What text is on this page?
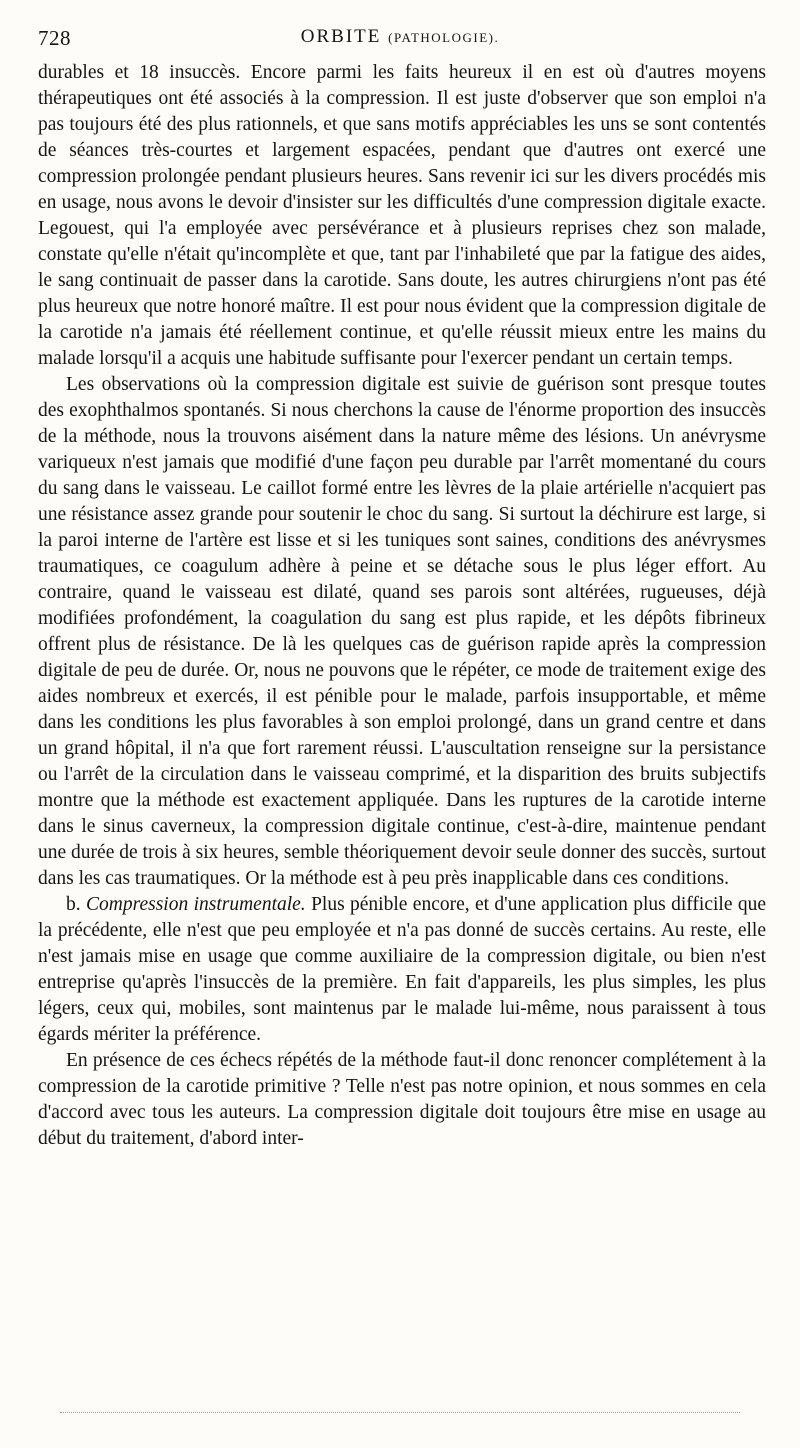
728	ORBITE (PATHOLOGIE).

durables et 18 insuccès. Encore parmi les faits heureux il en est où d'autres moyens thérapeutiques ont été associés à la compression. Il est juste d'observer que son emploi n'a pas toujours été des plus rationnels, et que sans motifs appréciables les uns se sont contentés de séances très-courtes et largement espacées, pendant que d'autres ont exercé une compression prolongée pendant plusieurs heures. Sans revenir ici sur les divers procédés mis en usage, nous avons le devoir d'insister sur les difficultés d'une compression digitale exacte. Legouest, qui l'a employée avec persévérance et à plusieurs reprises chez son malade, constate qu'elle n'était qu'incomplète et que, tant par l'inhabileté que par la fatigue des aides, le sang continuait de passer dans la carotide. Sans doute, les autres chirurgiens n'ont pas été plus heureux que notre honoré maître. Il est pour nous évident que la compression digitale de la carotide n'a jamais été réellement continue, et qu'elle réussit mieux entre les mains du malade lorsqu'il a acquis une habitude suffisante pour l'exercer pendant un certain temps.

Les observations où la compression digitale est suivie de guérison sont presque toutes des exophthalmos spontanés. Si nous cherchons la cause de l'énorme proportion des insuccès de la méthode, nous la trouvons aisément dans la nature même des lésions. Un anévrysme variqueux n'est jamais que modifié d'une façon peu durable par l'arrêt momentané du cours du sang dans le vaisseau. Le caillot formé entre les lèvres de la plaie artérielle n'acquiert pas une résistance assez grande pour soutenir le choc du sang. Si surtout la déchirure est large, si la paroi interne de l'artère est lisse et si les tuniques sont saines, conditions des anévrysmes traumatiques, ce coagulum adhère à peine et se détache sous le plus léger effort. Au contraire, quand le vaisseau est dilaté, quand ses parois sont altérées, rugueuses, déjà modifiées profondément, la coagulation du sang est plus rapide, et les dépôts fibrineux offrent plus de résistance. De là les quelques cas de guérison rapide après la compression digitale de peu de durée. Or, nous ne pouvons que le répéter, ce mode de traitement exige des aides nombreux et exercés, il est pénible pour le malade, parfois insupportable, et même dans les conditions les plus favorables à son emploi prolongé, dans un grand centre et dans un grand hôpital, il n'a que fort rarement réussi. L'auscultation renseigne sur la persistance ou l'arrêt de la circulation dans le vaisseau comprimé, et la disparition des bruits subjectifs montre que la méthode est exactement appliquée. Dans les ruptures de la carotide interne dans le sinus caverneux, la compression digitale continue, c'est-à-dire, maintenue pendant une durée de trois à six heures, semble théoriquement devoir seule donner des succès, surtout dans les cas traumatiques. Or la méthode est à peu près inapplicable dans ces conditions.

b. Compression instrumentale. Plus pénible encore, et d'une application plus difficile que la précédente, elle n'est que peu employée et n'a pas donné de succès certains. Au reste, elle n'est jamais mise en usage que comme auxiliaire de la compression digitale, ou bien n'est entreprise qu'après l'insuccès de la première. En fait d'appareils, les plus simples, les plus légers, ceux qui, mobiles, sont maintenus par le malade lui-même, nous paraissent à tous égards mériter la préférence.

En présence de ces échecs répétés de la méthode faut-il donc renoncer complétement à la compression de la carotide primitive ? Telle n'est pas notre opinion, et nous sommes en cela d'accord avec tous les auteurs. La compression digitale doit toujours être mise en usage au début du traitement, d'abord inter-
